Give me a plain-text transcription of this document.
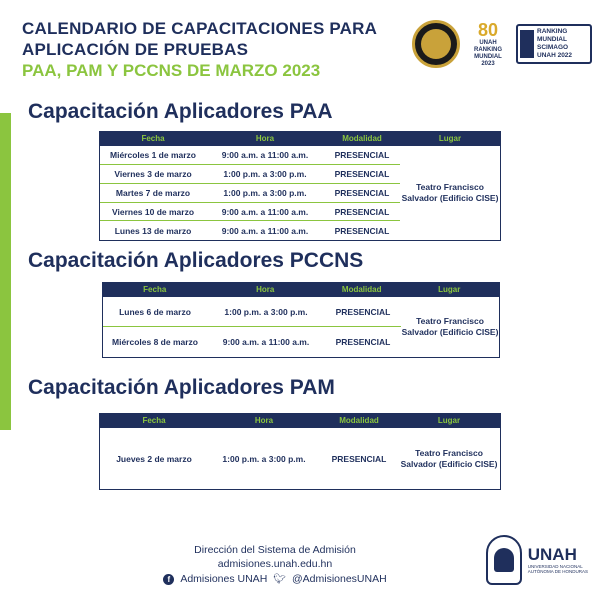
CALENDARIO DE CAPACITACIONES PARA
APLICACIÓN DE PRUEBAS
PAA, PAM Y PCCNS DE MARZO 2023
80
UNAH
RANKING
MUNDIAL
2023
RANKING
MUNDIAL
SCIMAGO
UNAH 2022
Capacitación Aplicadores PAA
Fecha	Hora	Modalidad	Lugar
Miércoles 1 de marzo	9:00 a.m. a 11:00 a.m.	PRESENCIAL
Viernes 3 de marzo	1:00 p.m. a 3:00 p.m.	PRESENCIAL
Martes 7 de marzo	1:00 p.m. a 3:00 p.m.	PRESENCIAL
Viernes 10 de marzo	9:00 a.m. a 11:00 a.m.	PRESENCIAL
Lunes 13 de marzo	9:00 a.m. a 11:00 a.m.	PRESENCIAL
Teatro Francisco Salvador (Edificio CISE)
Capacitación Aplicadores PCCNS
Fecha	Hora	Modalidad	Lugar
Lunes 6 de marzo	1:00 p.m. a 3:00 p.m.	PRESENCIAL
Miércoles 8 de marzo	9:00 a.m. a 11:00 a.m.	PRESENCIAL
Teatro Francisco Salvador (Edificio CISE)
Capacitación Aplicadores PAM
Fecha	Hora	Modalidad	Lugar
Jueves 2 de marzo	1:00 p.m. a 3:00 p.m.	PRESENCIAL
Teatro Francisco Salvador (Edificio CISE)
Dirección del Sistema de Admisión
admisiones.unah.edu.hn
f Admisiones UNAH 🐦︎ @AdmisionesUNAH
UNAH
UNIVERSIDAD NACIONAL
AUTÓNOMA DE HONDURAS
